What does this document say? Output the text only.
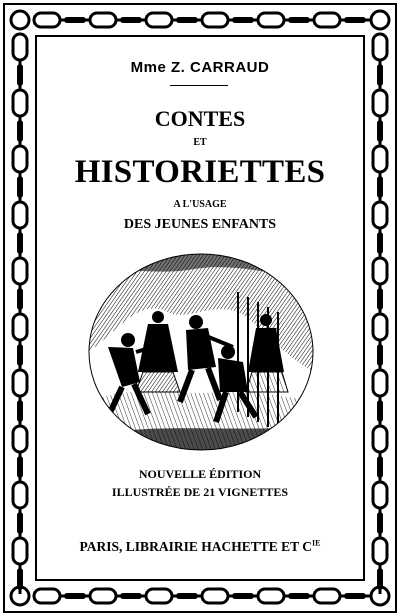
Mme Z. CARRAUD
CONTES
ET
HISTORIETTES
A L'USAGE
DES JEUNES ENFANTS
NOUVELLE ÉDITION
ILLUSTRÉE DE 21 VIGNETTES
PARIS, LIBRAIRIE HACHETTE ET $C^{IE}$
